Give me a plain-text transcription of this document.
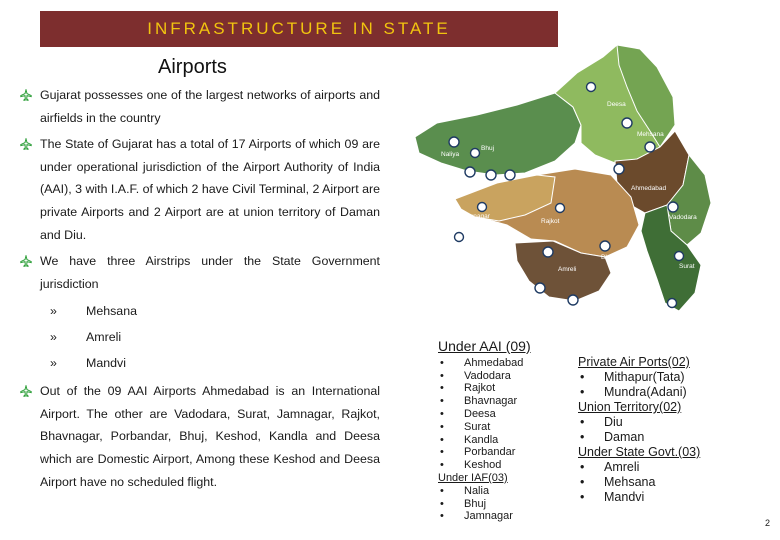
INFRASTRUCTURE IN STATE
Airports

Gujarat possesses one of the largest networks of airports and airfields in the country

The State of Gujarat has a total of 17 Airports of which 09 are under operational jurisdiction of the Airport Authority of India (AAI), 3 with I.A.F. of which 2 have Civil Terminal, 2 Airport are private Airports and 2 Airport are at union territory of Daman and Diu.

We have three Airstrips under the State Government jurisdiction

» Mehsana
» Amreli
» Mandvi

Out of the 09 AAI Airports Ahmedabad is an International Airport. The other are Vadodara, Surat, Jamnagar, Rajkot, Bhavnagar, Porbandar, Bhuj, Keshod, Kandla and Deesa which are Domestic Airport, Among these Keshod and Deesa Airport have no scheduled flight.

Deesa
Mehsana
Naliya
Bhuj
Ahmedabad
Jamnagar
Rajkot
Vadodara
Bhavnagar
Surat
Amreli
Under AAI (09)
• Ahmedabad
• Vadodara
• Rajkot
• Bhavnagar
• Deesa
• Surat
• Kandla
• Porbandar
• Keshod
Under IAF(03)
• Nalia
• Bhuj
• Jamnagar
Private Air Ports(02)
• Mithapur(Tata)
• Mundra(Adani)
Union Territory(02)
• Diu
• Daman
Under State Govt.(03)
• Amreli
• Mehsana
• Mandvi
2
